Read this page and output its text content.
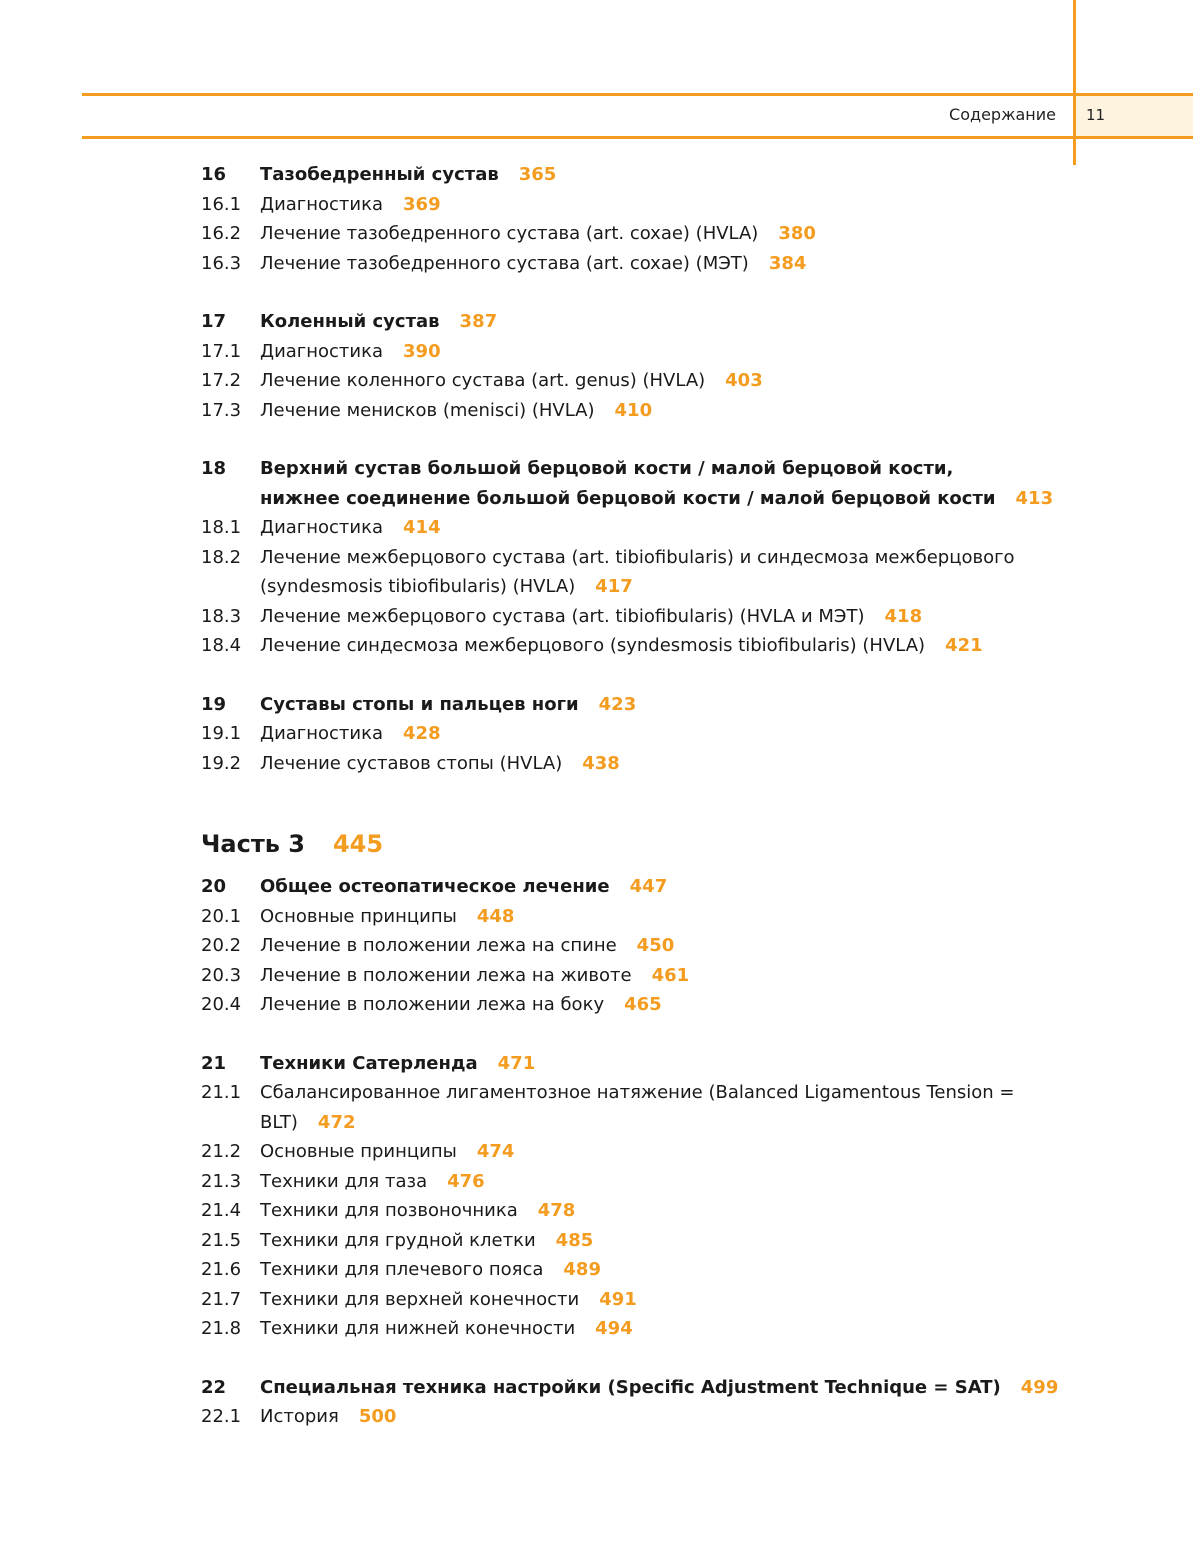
Содержание 11
16	Тазобедренный сустав 365
16.1	Диагностика 369
16.2	Лечение тазобедренного сустава (art. coxae) (HVLA) 380
16.3	Лечение тазобедренного сустава (art. coxae) (МЭТ) 384
17	Коленный сустав 387
17.1	Диагностика 390
17.2	Лечение коленного сустава (art. genus) (HVLA) 403
17.3	Лечение менисков (menisci) (HVLA) 410
18	Верхний сустав большой берцовой кости / малой берцовой кости,
нижнее соединение большой берцовой кости / малой берцовой кости 413
18.1	Диагностика 414
18.2	Лечение межберцового сустава (art. tibiofibularis) и синдесмоза межберцового
(syndesmosis tibiofibularis) (HVLA) 417
18.3	Лечение межберцового сустава (art. tibiofibularis) (HVLA и МЭТ) 418
18.4	Лечение синдесмоза межберцового (syndesmosis tibiofibularis) (HVLA) 421
19	Суставы стопы и пальцев ноги 423
19.1	Диагностика 428
19.2	Лечение суставов стопы (HVLA) 438
Часть 3 445
20	Общее остеопатическое лечение 447
20.1	Основные принципы 448
20.2	Лечение в положении лежа на спине 450
20.3	Лечение в положении лежа на животе 461
20.4	Лечение в положении лежа на боку 465
21	Техники Сатерленда 471
21.1	Сбалансированное лигаментозное натяжение (Balanced Ligamentous Tension = BLT) 472
21.2	Основные принципы 474
21.3	Техники для таза 476
21.4	Техники для позвоночника 478
21.5	Техники для грудной клетки 485
21.6	Техники для плечевого пояса 489
21.7	Техники для верхней конечности 491
21.8	Техники для нижней конечности 494
22	Специальная техника настройки (Specific Adjustment Technique = SAT) 499
22.1	История 500
